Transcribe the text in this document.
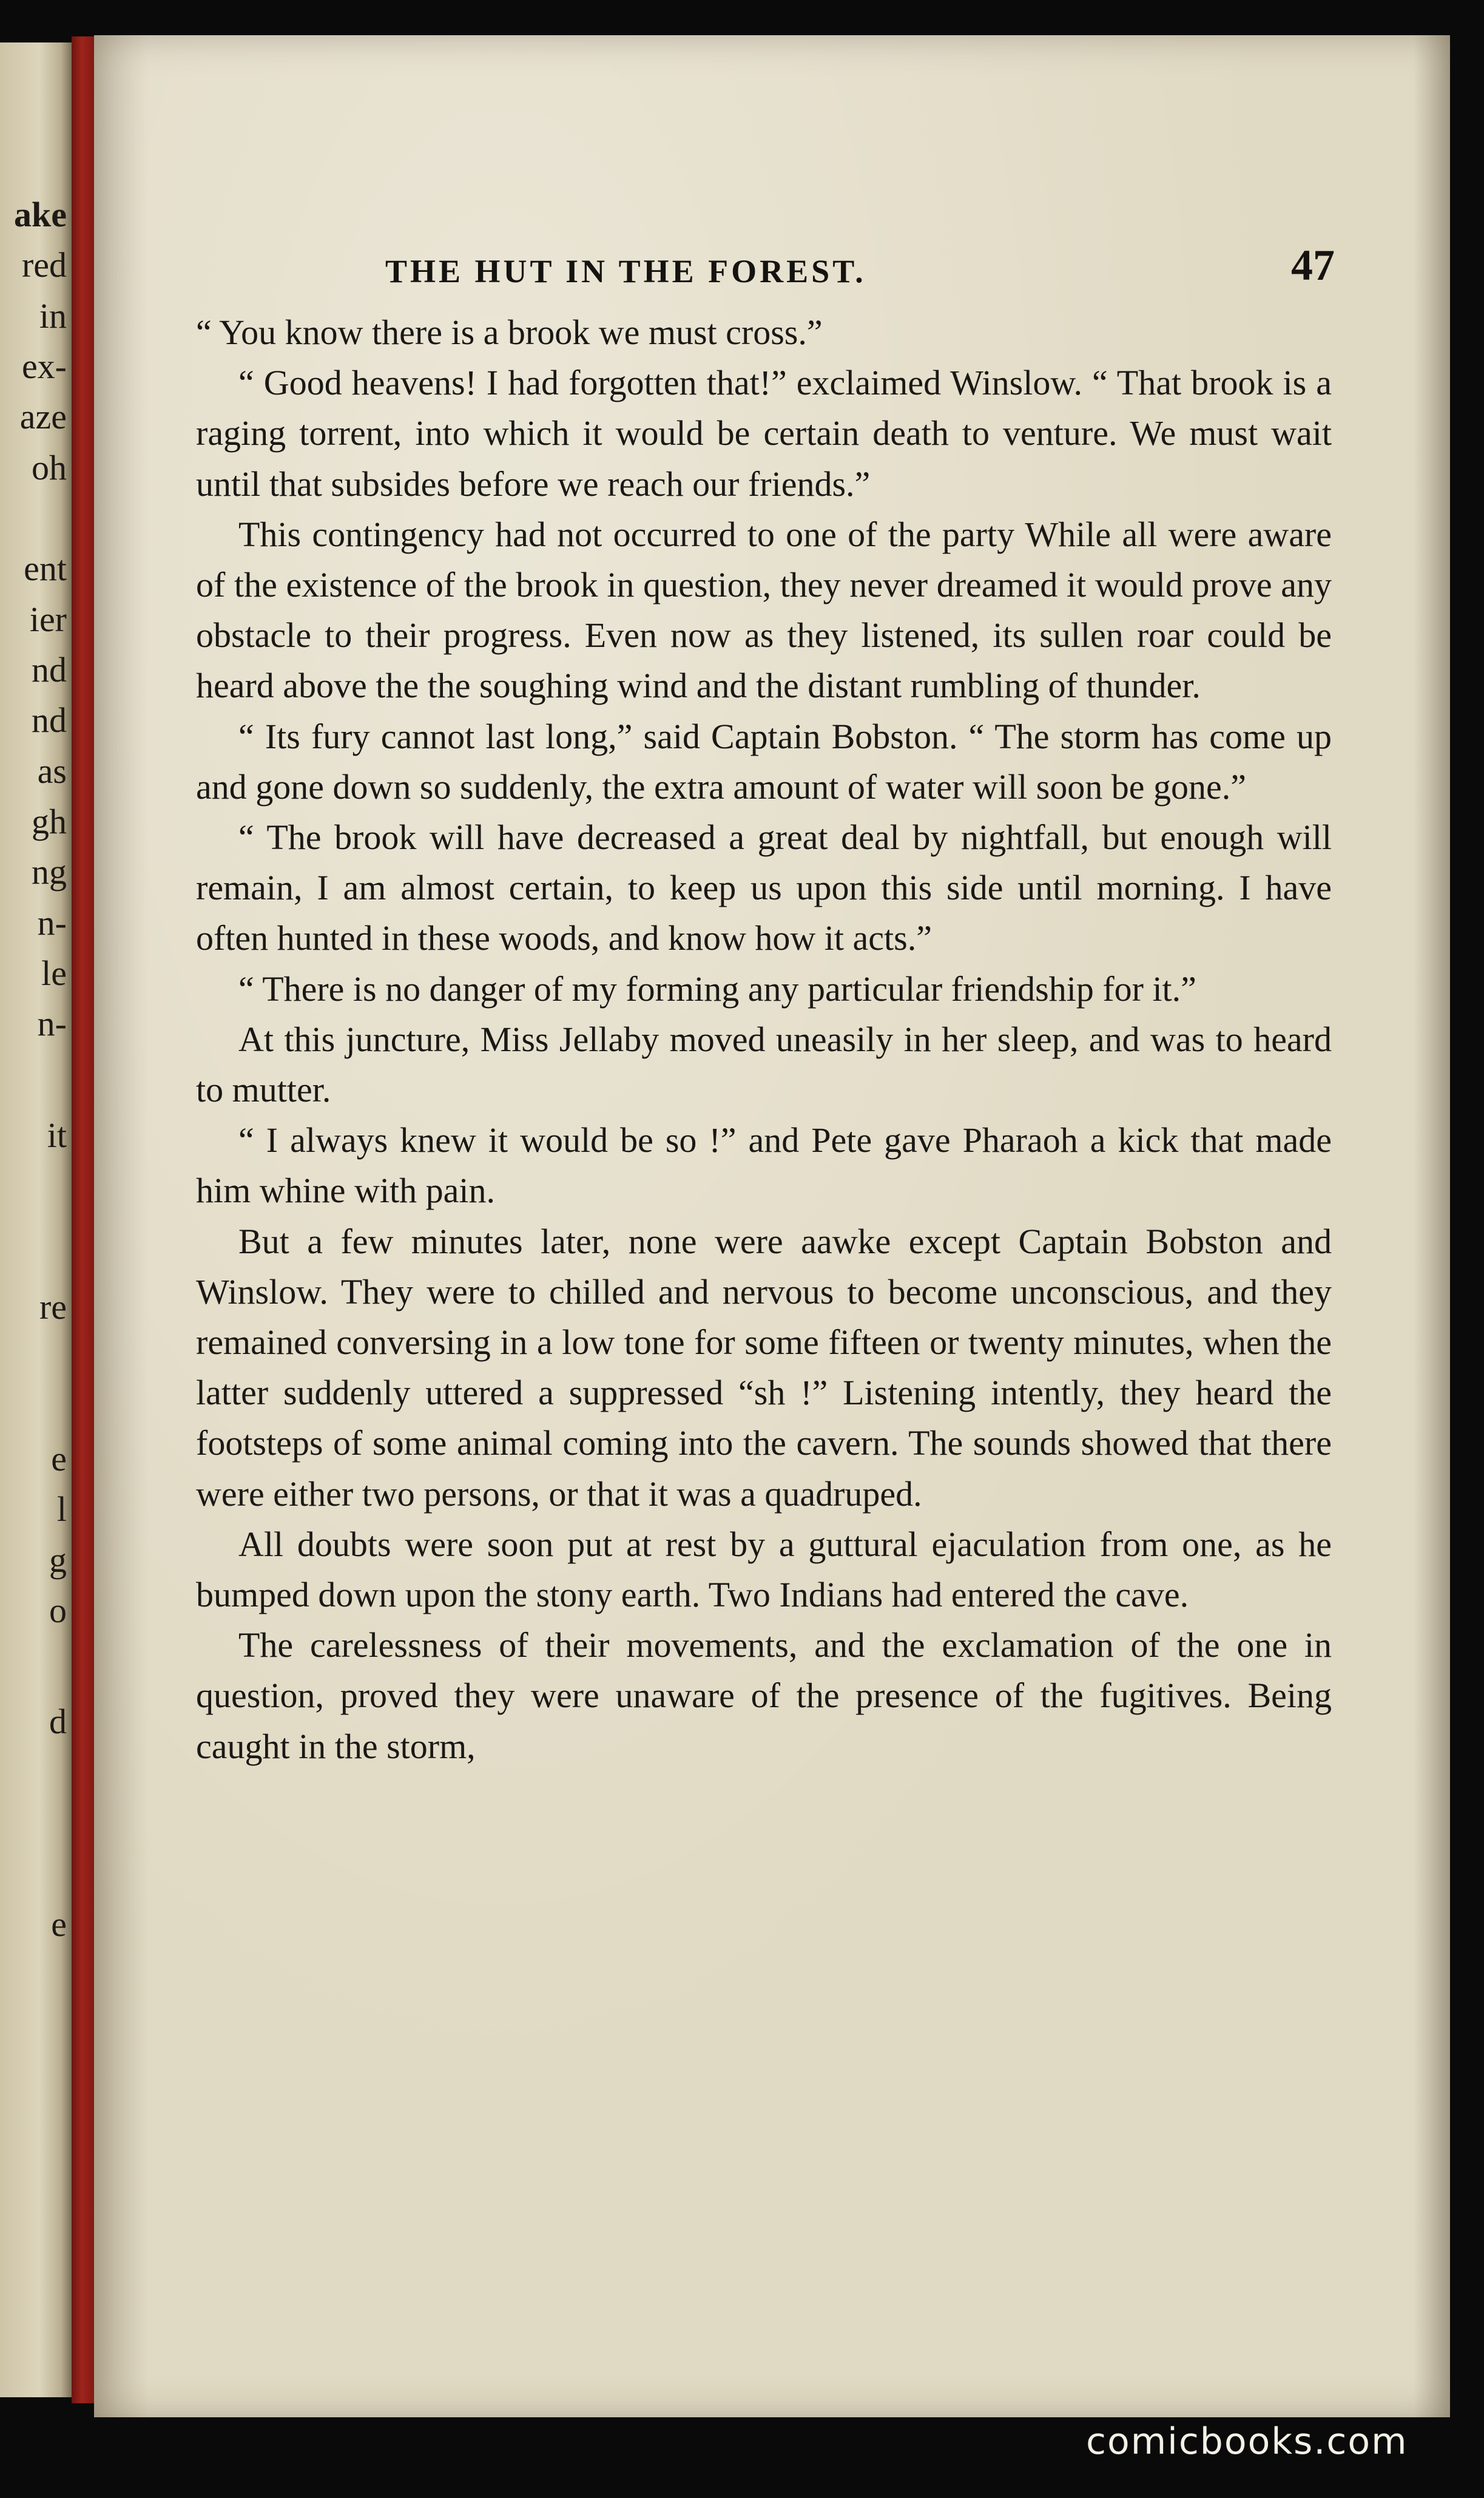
ake
red
in
ex-
aze
oh
ent
ier
nd
nd
as
gh
ng
n-
le
n-
it
re
e
l
g
o
d
e
THE HUT IN THE FOREST.	47

“ You know there is a brook we must cross.”

“ Good heavens! I had forgotten that!” exclaimed Winslow. “ That brook is a raging torrent, into which it would be certain death to venture. We must wait until that subsides before we reach our friends.”

This contingency had not occurred to one of the party While all were aware of the existence of the brook in question, they never dreamed it would prove any obstacle to their progress. Even now as they listened, its sullen roar could be heard above the the soughing wind and the distant rumbling of thunder.

“ Its fury cannot last long,” said Captain Bobston. “ The storm has come up and gone down so suddenly, the extra amount of water will soon be gone.”

“ The brook will have decreased a great deal by nightfall, but enough will remain, I am almost certain, to keep us upon this side until morning. I have often hunted in these woods, and know how it acts.”

“ There is no danger of my forming any particular friendship for it.”

At this juncture, Miss Jellaby moved uneasily in her sleep, and was to heard to mutter.

“ I always knew it would be so !” and Pete gave Pharaoh a kick that made him whine with pain.

But a few minutes later, none were aawke except Captain Bobston and Winslow. They were to chilled and nervous to become unconscious, and they remained conversing in a low tone for some fifteen or twenty minutes, when the latter suddenly uttered a suppressed “sh !” Listening intently, they heard the footsteps of some animal coming into the cavern. The sounds showed that there were either two persons, or that it was a quadruped.

All doubts were soon put at rest by a guttural ejaculation from one, as he bumped down upon the stony earth. Two Indians had entered the cave.

The carelessness of their movements, and the exclamation of the one in question, proved they were unaware of the presence of the fugitives. Being caught in the storm,

comicbooks.com
